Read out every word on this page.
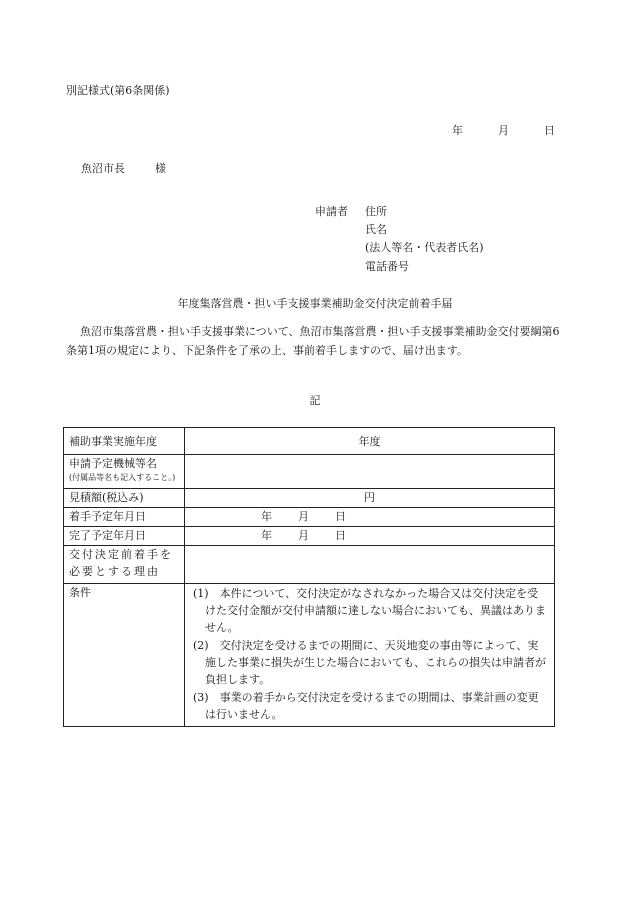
別記様式(第6条関係)
年	月	日
魚沼市長	様
申請者 住所
氏名
(法人等名・代表者氏名)
電話番号
年度集落営農・担い手支援事業補助金交付決定前着手届
魚沼市集落営農・担い手支援事業について、魚沼市集落営農・担い手支援事業補助金交付要綱第6条第1項の規定により、下記条件を了承の上、事前着手しますので、届け出ます。
記
補助事業実施年度	年度
申請予定機械等名
(付属品等名も記入すること。)	

見積額(税込み)	円
着手予定年月日	年 月 日
完了予定年月日	年 月 日
交付決定前着手を
必要とする理由	
条件	(1)　本件について、交付決定がなされなかった場合又は交付決定を受けた交付金額が交付申請額に達しない場合においても、異議はありません。
(2)　交付決定を受けるまでの期間に、天災地変の事由等によって、実施した事業に損失が生じた場合においても、これらの損失は申請者が負担します。
(3)　事業の着手から交付決定を受けるまでの期間は、事業計画の変更は行いません。
